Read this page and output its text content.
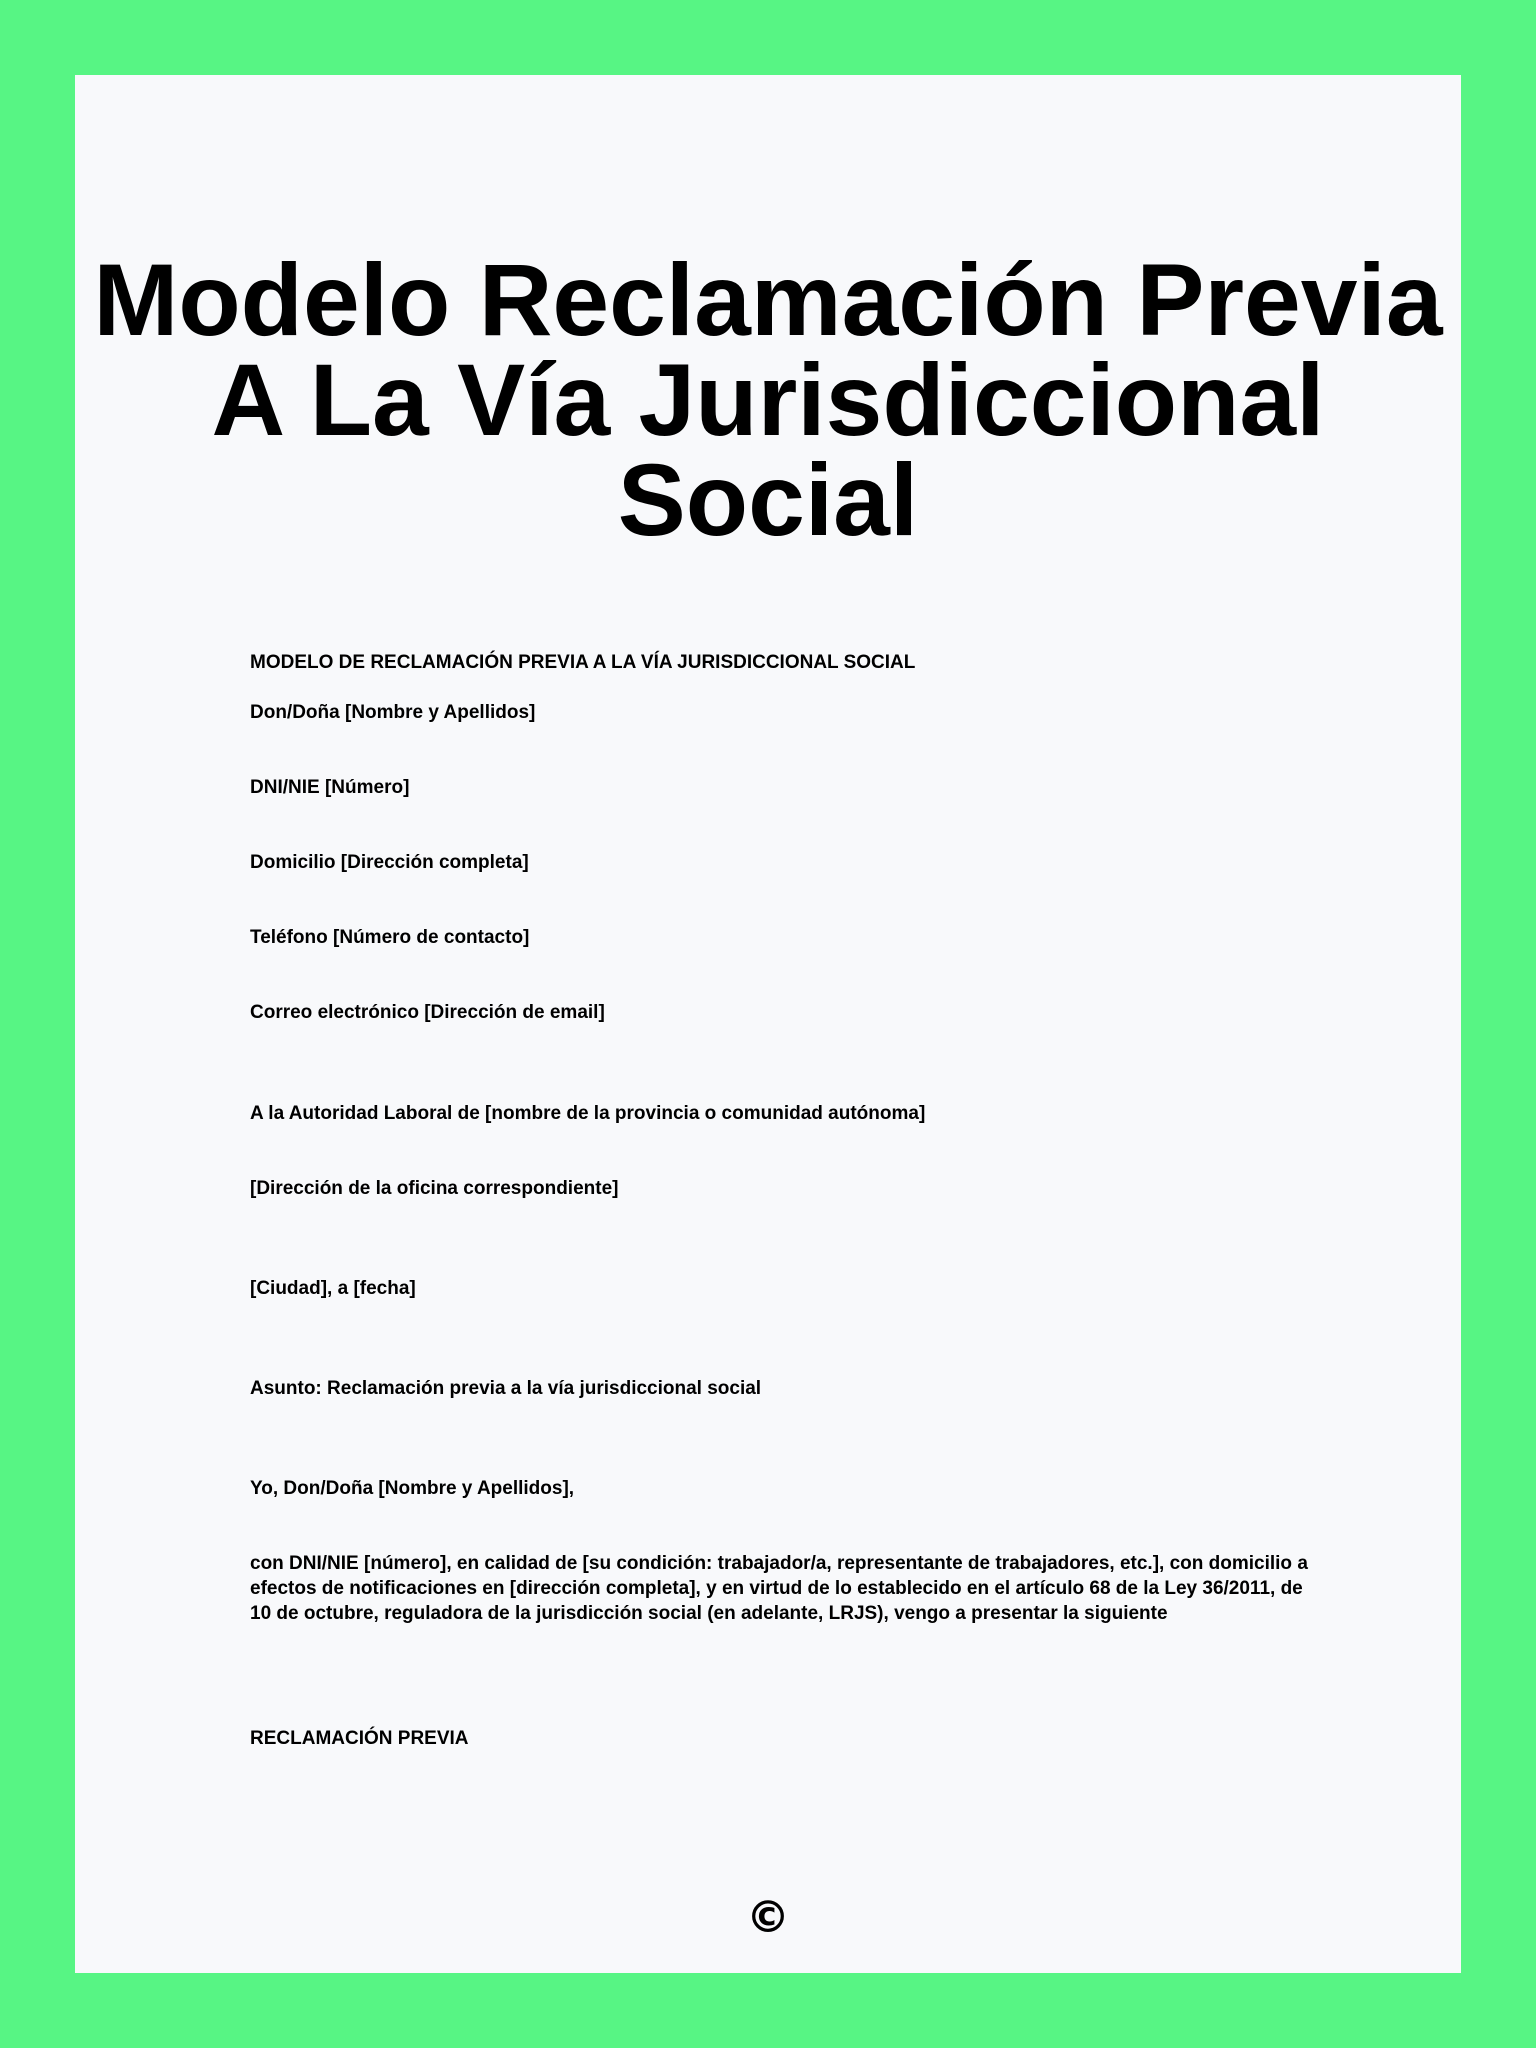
Modelo Reclamación Previa A La Vía Jurisdiccional Social

MODELO DE RECLAMACIÓN PREVIA A LA VÍA JURISDICCIONAL SOCIAL

Don/Doña [Nombre y Apellidos]

DNI/NIE [Número]

Domicilio [Dirección completa]

Teléfono [Número de contacto]

Correo electrónico [Dirección de email]

A la Autoridad Laboral de [nombre de la provincia o comunidad autónoma]

[Dirección de la oficina correspondiente]

[Ciudad], a [fecha]

Asunto: Reclamación previa a la vía jurisdiccional social

Yo, Don/Doña [Nombre y Apellidos],

con DNI/NIE [número], en calidad de [su condición: trabajador/a, representante de trabajadores, etc.], con domicilio a efectos de notificaciones en [dirección completa], y en virtud de lo establecido en el artículo 68 de la Ley 36/2011, de 10 de octubre, reguladora de la jurisdicción social (en adelante, LRJS), vengo a presentar la siguiente

RECLAMACIÓN PREVIA

©
